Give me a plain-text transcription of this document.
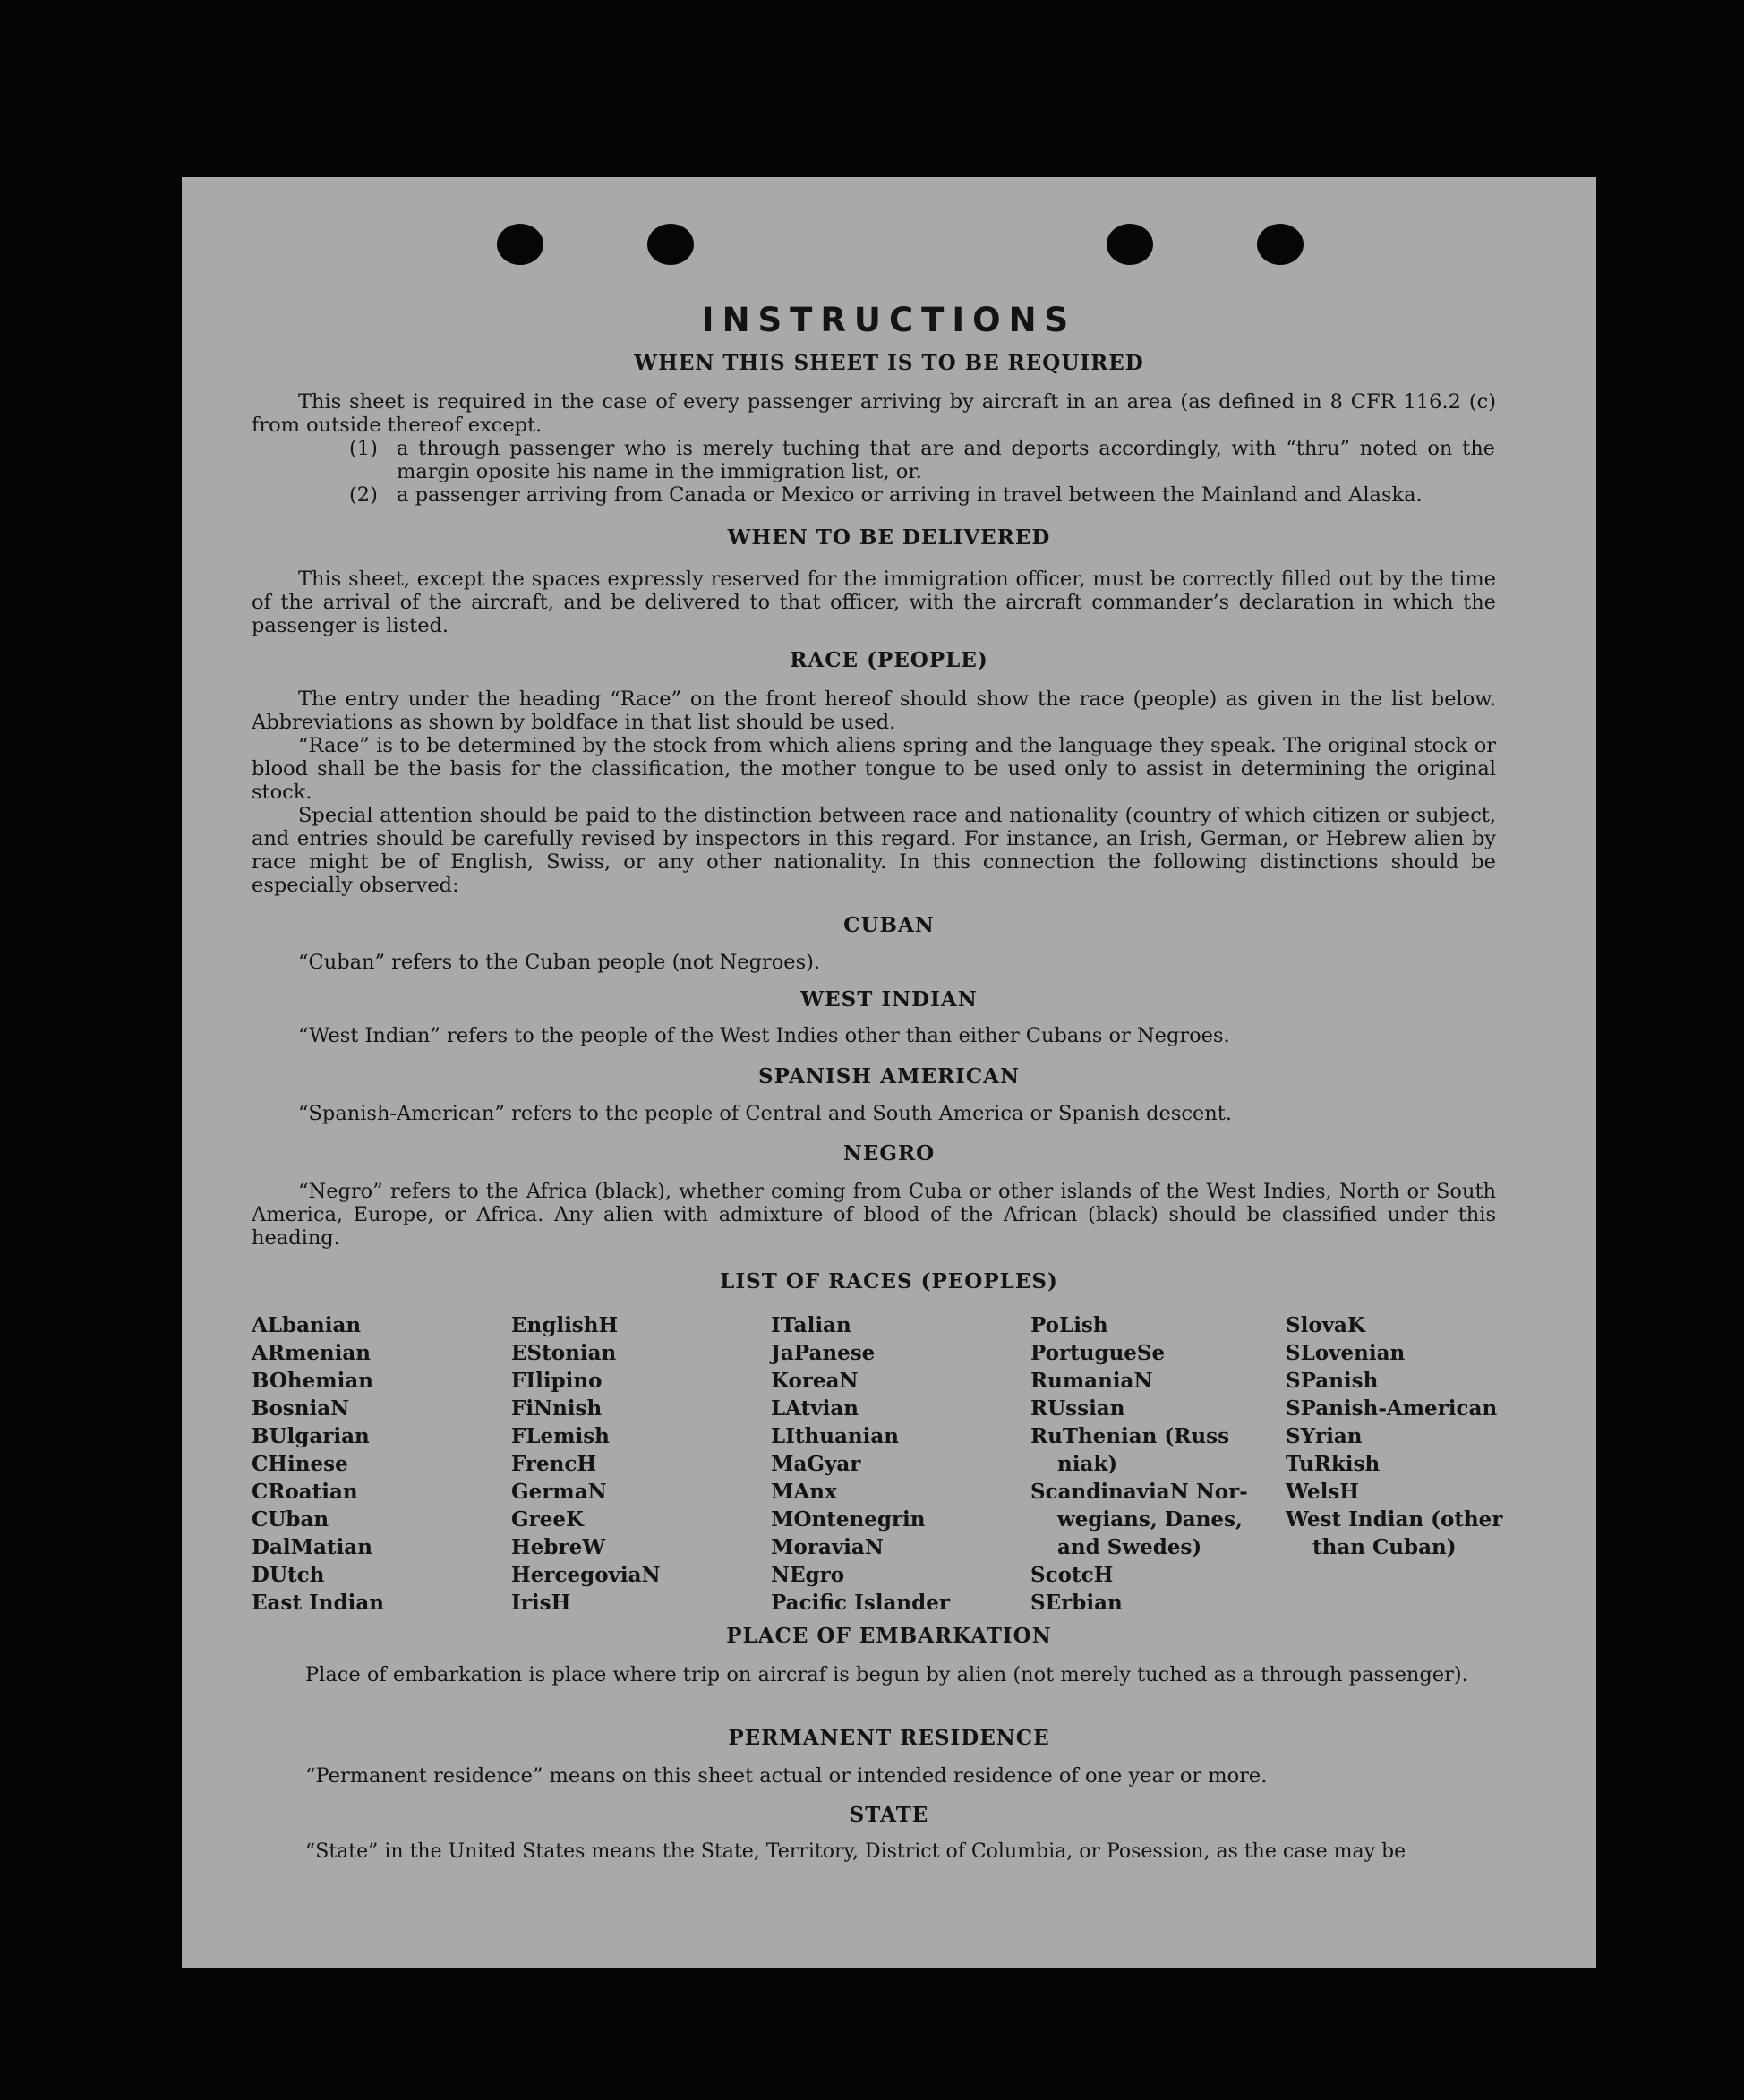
INSTRUCTIONS
WHEN THIS SHEET IS TO BE REQUIRED
This sheet is required in the case of every passenger arriving by aircraft in an area (as defined in 8 CFR 116.2 (c) from outside thereof except.
(1) a through passenger who is merely tuching that are and deports accordingly, with “thru” noted on the margin oposite his name in the immigration list, or.
(2) a passenger arriving from Canada or Mexico or arriving in travel between the Mainland and Alaska.
WHEN TO BE DELIVERED
This sheet, except the spaces expressly reserved for the immigration officer, must be correctly filled out by the time of the arrival of the aircraft, and be delivered to that officer, with the aircraft commander’s declaration in which the passenger is listed.
RACE (PEOPLE)
The entry under the heading “Race” on the front hereof should show the race (people) as given in the list below. Abbreviations as shown by boldface in that list should be used.
“Race” is to be determined by the stock from which aliens spring and the language they speak. The original stock or blood shall be the basis for the classification, the mother tongue to be used only to assist in determining the original stock.
Special attention should be paid to the distinction between race and nationality (country of which citizen or subject, and entries should be carefully revised by inspectors in this regard. For instance, an Irish, German, or Hebrew alien by race might be of English, Swiss, or any other nationality. In this connection the following distinctions should be especially observed:
CUBAN
“Cuban” refers to the Cuban people (not Negroes).
WEST INDIAN
“West Indian” refers to the people of the West Indies other than either Cubans or Negroes.
SPANISH AMERICAN
“Spanish-American” refers to the people of Central and South America or Spanish descent.
NEGRO
“Negro” refers to the Africa (black), whether coming from Cuba or other islands of the West Indies, North or South America, Europe, or Africa. Any alien with admixture of blood of the African (black) should be classified under this heading.
LIST OF RACES (PEOPLES)
ALbanian
ARmenian
BOhemian
BosniaN
BUlgarian
CHinese
CRoatian
CUban
DalMatian
DUtch
East Indian
EnglishH
EStonian
FIlipino
FiNnish
FLemish
FrencH
GermaN
GreeK
HebreW
HercegoviaN
IrisH
ITalian
JaPanese
KoreaN
LAtvian
LIthuanian
MaGyar
MAnx
MOntenegrin
MoraviaN
NEgro
Pacific Islander
PoLish
PortugueSe
RumaniaN
RUssian
RuThenian (Russ
niak)
ScandinaviaN Nor-
wegians, Danes,
and Swedes)
ScotcH
SErbian
SlovaK
SLovenian
SPanish
SPanish-American
SYrian
TuRkish
WelsH
West Indian (other
than Cuban)
PLACE OF EMBARKATION
Place of embarkation is place where trip on aircraf is begun by alien (not merely tuched as a through passenger).
PERMANENT RESIDENCE
“Permanent residence” means on this sheet actual or intended residence of one year or more.
STATE
“State” in the United States means the State, Territory, District of Columbia, or Posession, as the case may be
